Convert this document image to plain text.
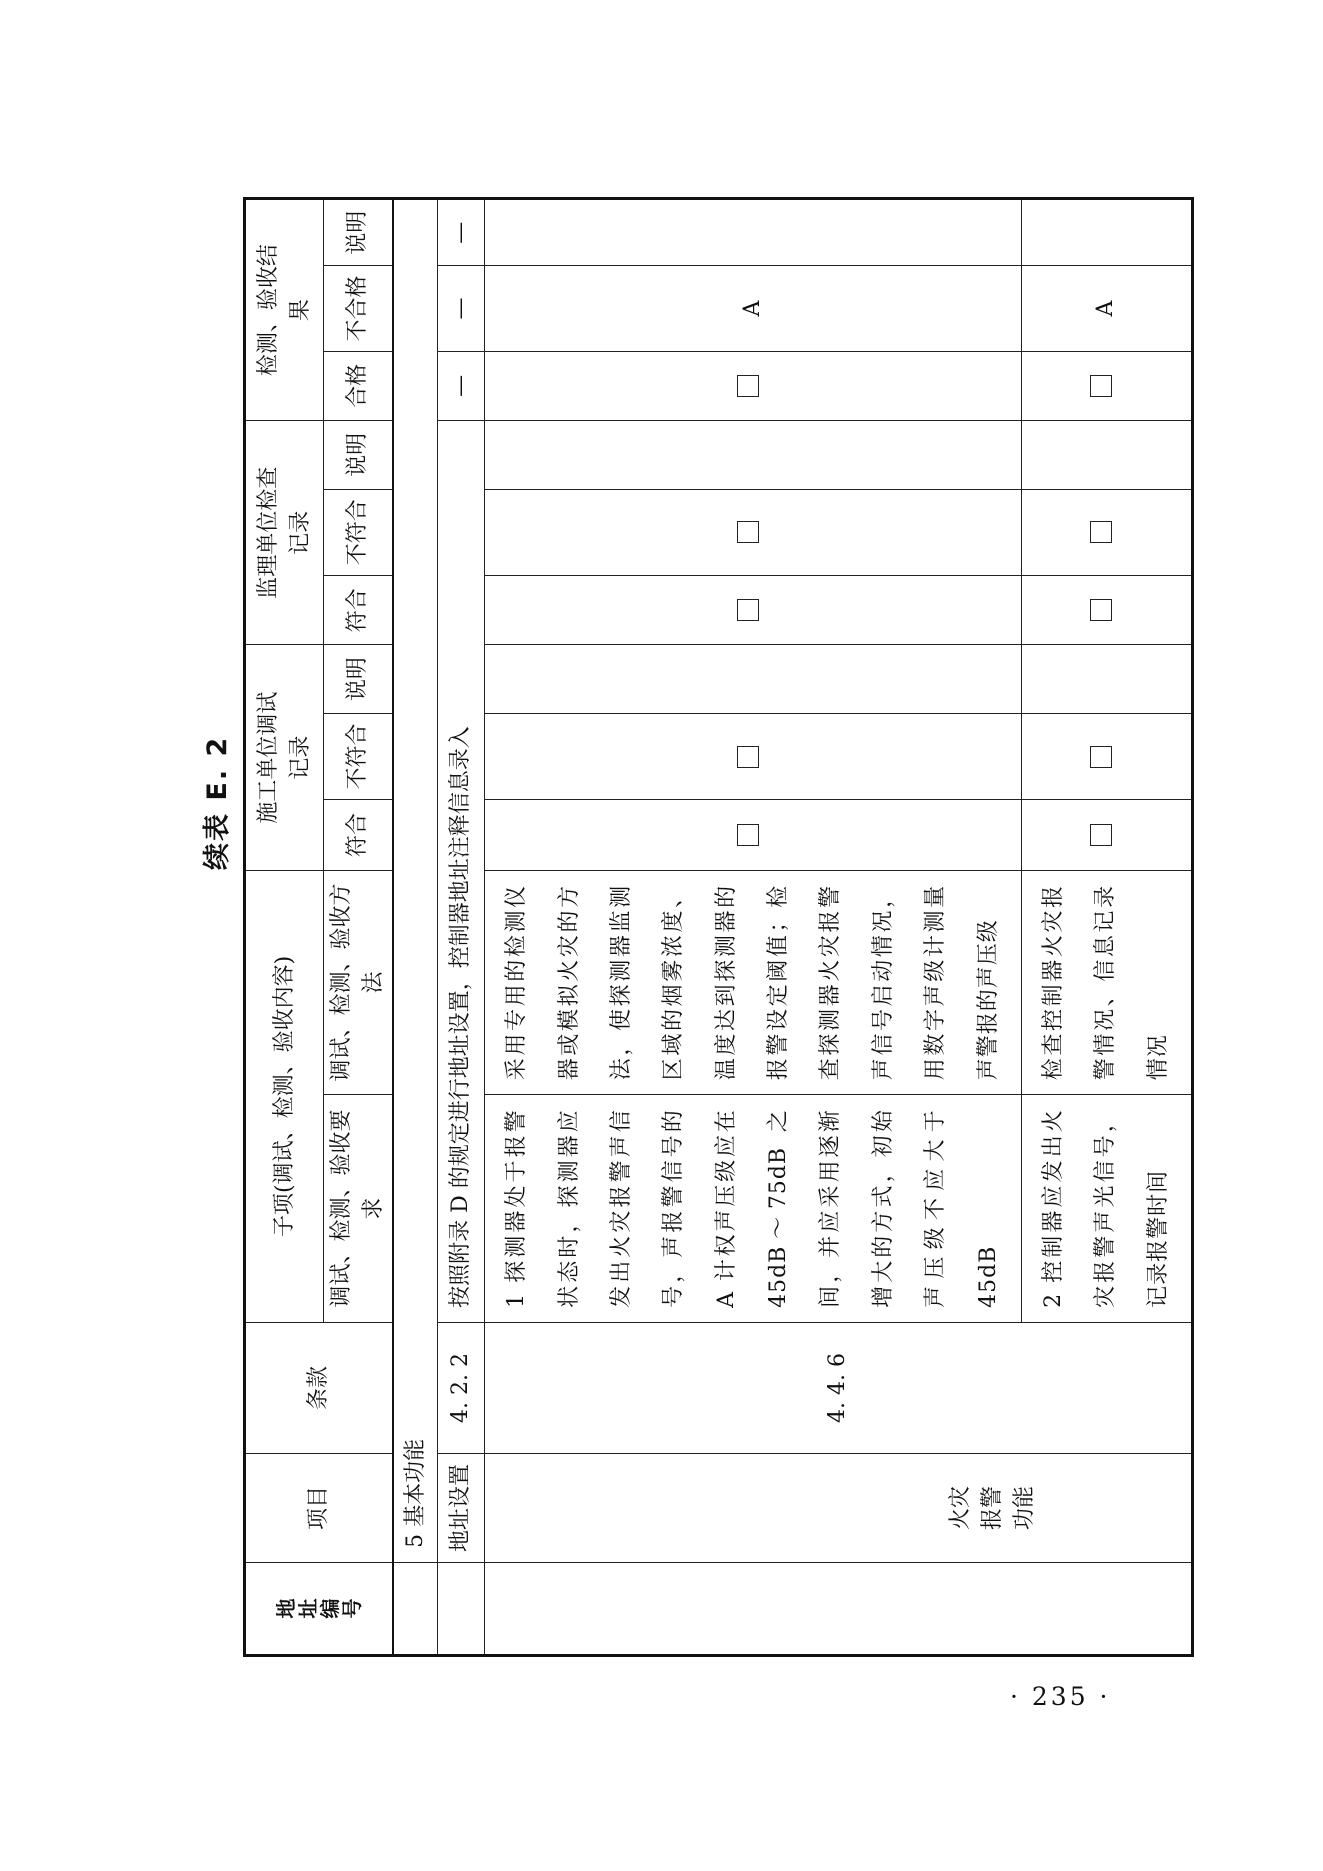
续表 E. 2
地址编号	项目	条款	子项(调试、检测、验收内容)		施工单位调试记录			监理单位检查记录			检测、验收结果		
			调试、检测、验收要求	调试、检测、验收方法	符合	不符合	说明	符合	不符合	说明	合格	不合格	说明
	5 基本功能												
	地址设置	4. 2. 2	按照附录 D 的规定进行地址设置，控制器地址注释信息录入								—	—	—
	火灾报警功能	4. 4. 6	1 探测器处于报警状态时，探测器应发出火灾报警声信号，声报警信号的 A 计权声压级应在 45dB～75dB 之间，并应采用逐渐增大的方式，初始声压级不应大于 45dB	采用专用的检测仪器或模拟火灾的方法，使探测器监测区域的烟雾浓度、温度达到探测器的报警设定阈值；检查探测器火灾报警声信号启动情况，用数字声级计测量声警报的声压级								A	
			2 控制器应发出火灾报警声光信号，记录报警时间	检查控制器火灾报警情况、信息记录情况								A	
· 235 ·
